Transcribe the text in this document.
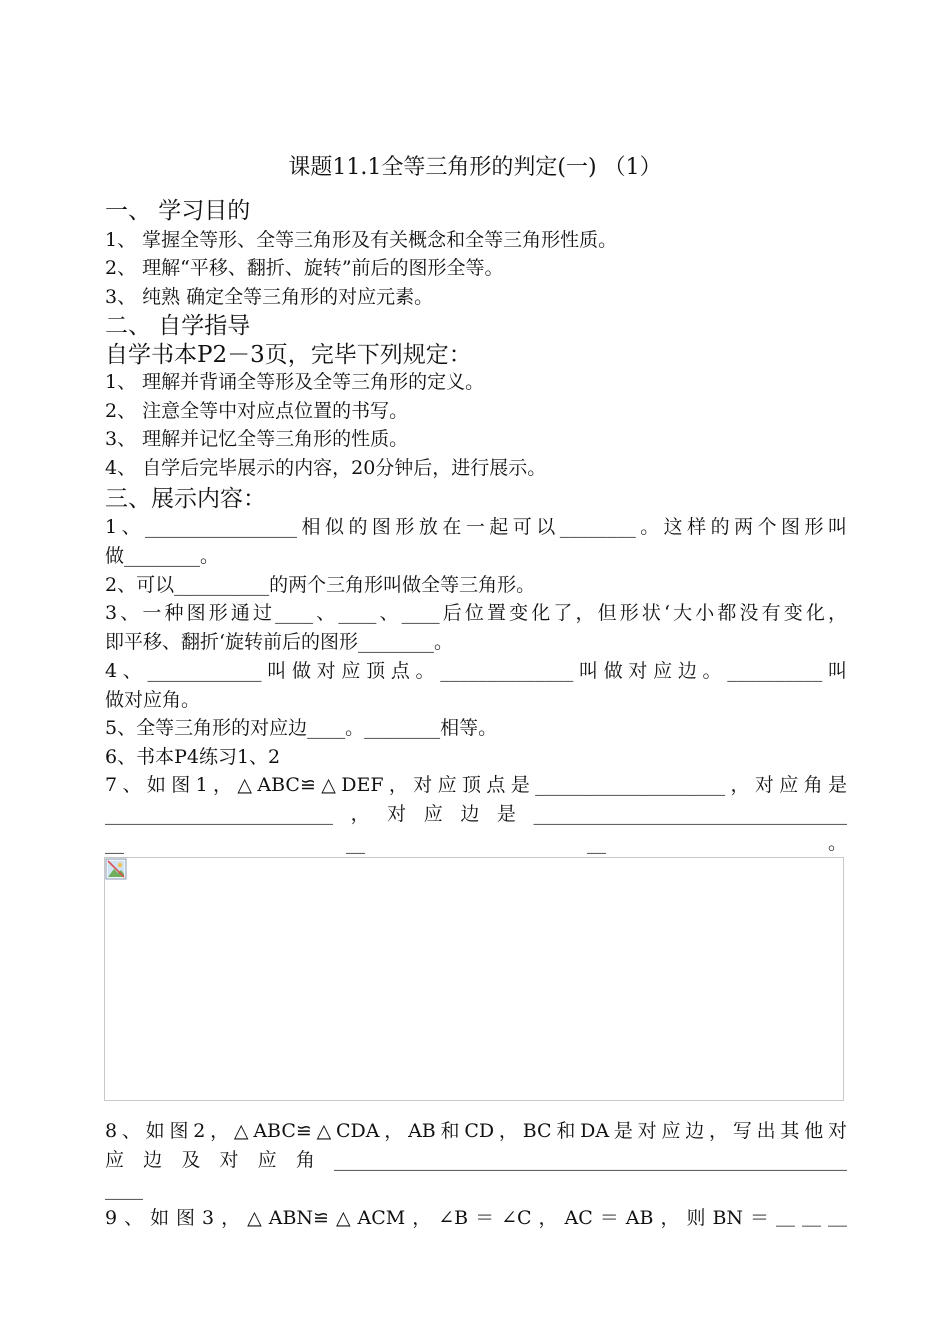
课题11.1全等三角形的判定(一) （1）
一、 学习目的
1、 掌握全等形、全等三角形及有关概念和全等三角形性质。
2、 理解“平移、翻折、旋转”前后的图形全等。
3、 纯熟 确定全等三角形的对应元素。
二、 自学指导
自学书本P2－3页，完毕下列规定：
1、 理解并背诵全等形及全等三角形的定义。
2、 注意全等中对应点位置的书写。
3、 理解并记忆全等三角形的性质。
4、 自学后完毕展示的内容，20分钟后，进行展示。
三、展示内容：
1、________________相似的图形放在一起可以________。这样的两个图形叫
做________。
2、可以__________的两个三角形叫做全等三角形。
3、一种图形通过____、____、____后位置变化了，但形状‘大小都没有变化，
即平移、翻折‘旋转前后的图形________。
4、____________叫做对应顶点。______________叫做对应边。__________叫
做对应角。
5、全等三角形的对应边____。________相等。
6、书本P4练习1、2
7、如图1，△ABC≌△DEF，对应顶点是____________________，对应角是
________________________，对应边是_________________________________
__	__	__	。
8、如图2，△ABC≌△CDA，AB和CD，BC和DA是对应边，写出其他对
应边及对应角______________________________________________________
____
9、如图3，△ABN≌△ACM，∠B＝∠C，AC＝AB，则BN＝＿＿＿
